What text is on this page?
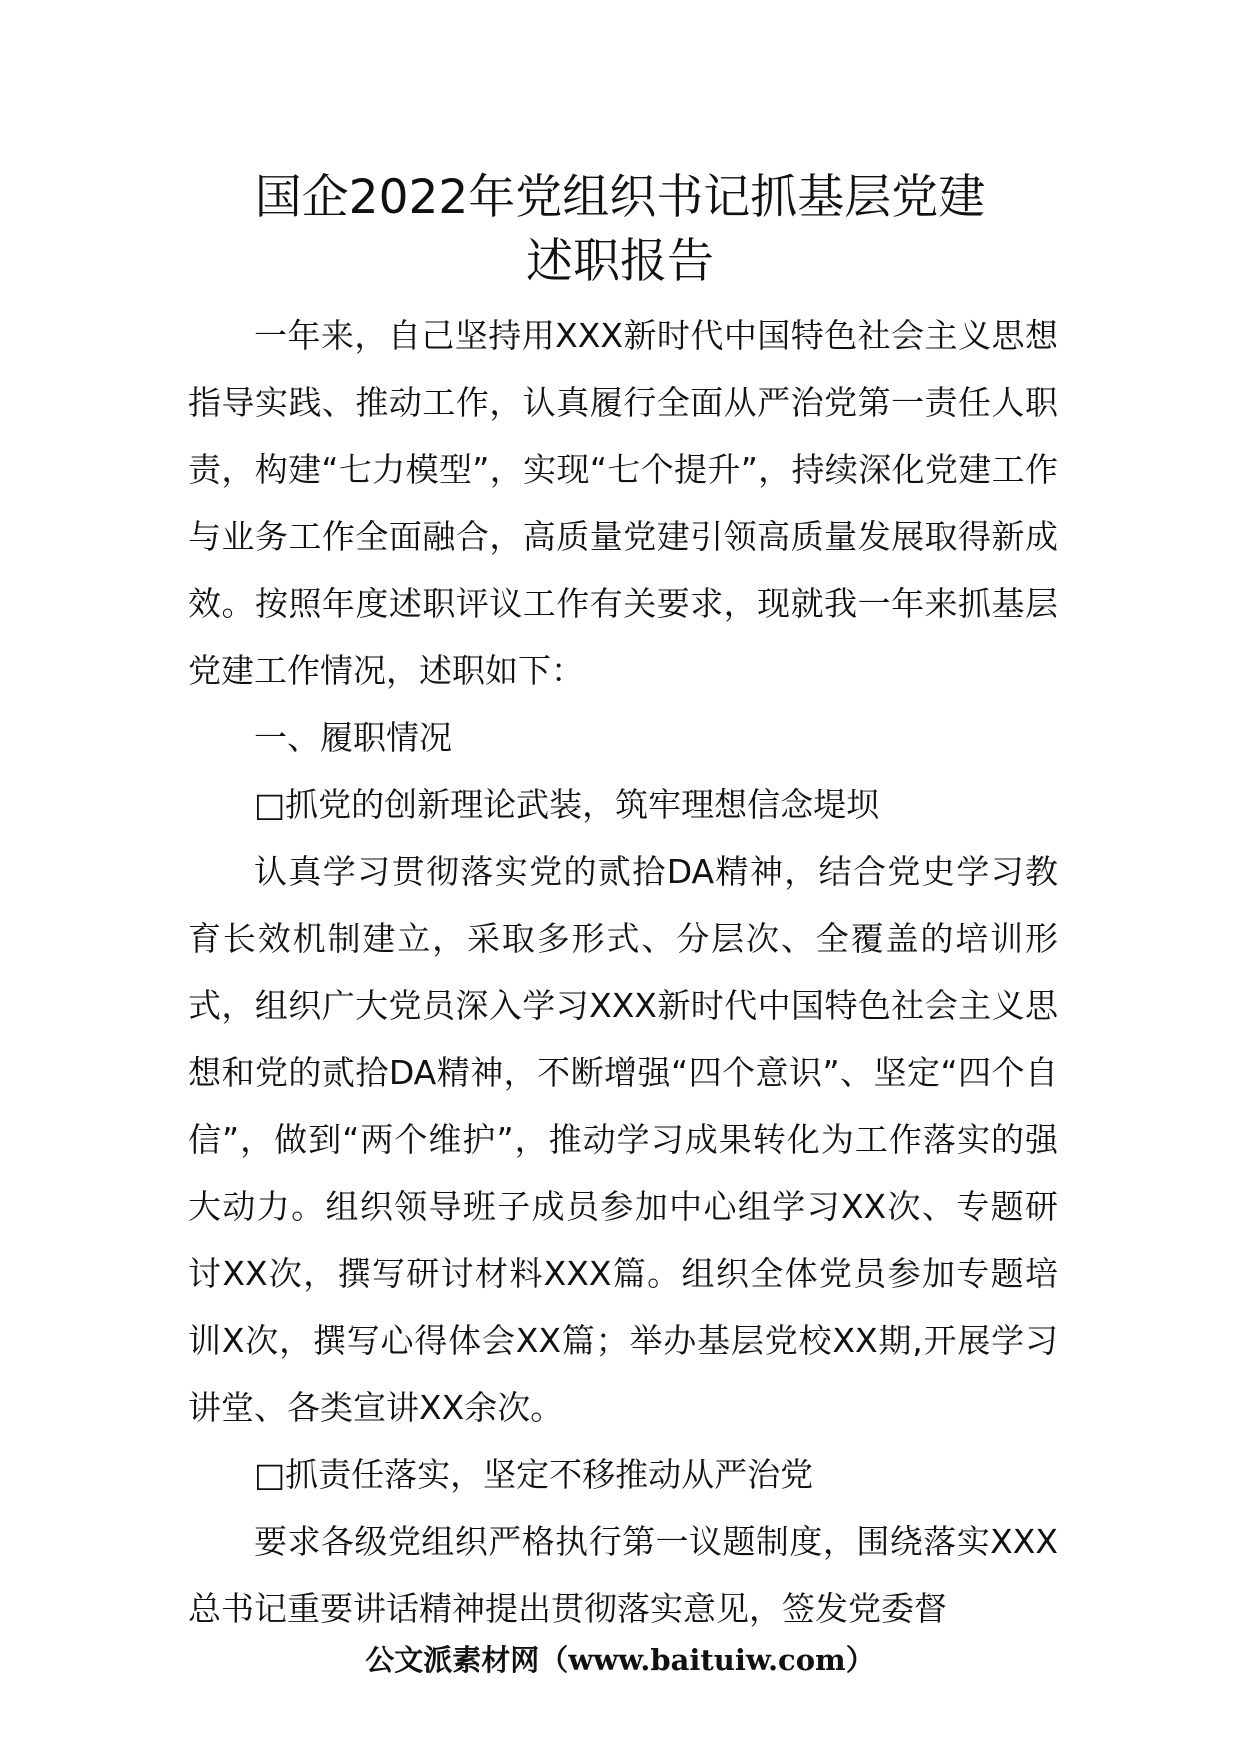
国企2022年党组织书记抓基层党建
述职报告

一年来，自己坚持用XXX新时代中国特色社会主义思想指导实践、推动工作，认真履行全面从严治党第一责任人职责，构建“七力模型”，实现“七个提升”，持续深化党建工作与业务工作全面融合，高质量党建引领高质量发展取得新成效。按照年度述职评议工作有关要求，现就我一年来抓基层党建工作情况，述职如下：

一、履职情况

□抓党的创新理论武装，筑牢理想信念堤坝

认真学习贯彻落实党的贰拾DA精神，结合党史学习教育长效机制建立，采取多形式、分层次、全覆盖的培训形式，组织广大党员深入学习XXX新时代中国特色社会主义思想和党的贰拾DA精神，不断增强“四个意识”、坚定“四个自信”，做到“两个维护”，推动学习成果转化为工作落实的强大动力。组织领导班子成员参加中心组学习XX次、专题研讨XX次，撰写研讨材料XXX篇。组织全体党员参加专题培训X次，撰写心得体会XX篇；举办基层党校XX期,开展学习讲堂、各类宣讲XX余次。

□抓责任落实，坚定不移推动从严治党

要求各级党组织严格执行第一议题制度，围绕落实XXX总书记重要讲话精神提出贯彻落实意见，签发党委督

公文派素材网（www.baituiw.com）
